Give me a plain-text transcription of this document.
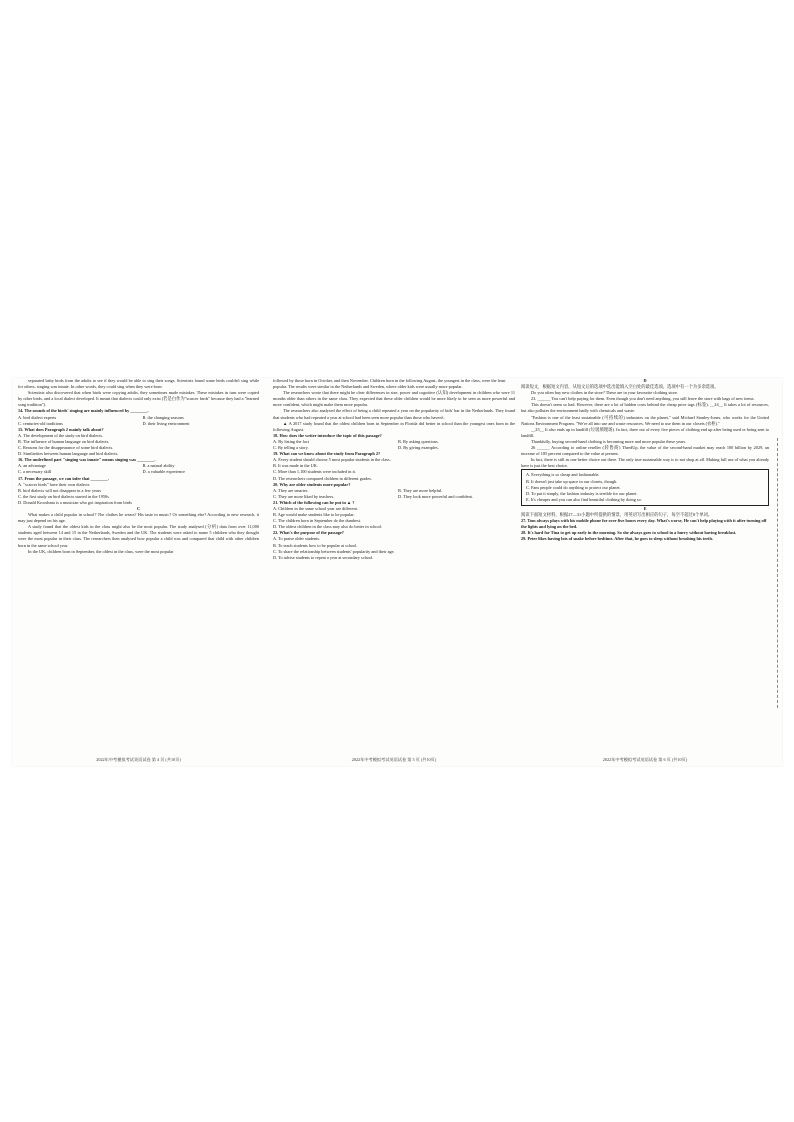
separated baby birds from the adults to see if they would be able to sing their songs. Scientists found some birds couldn't sing while for others, singing was innate. In other words, they could sing when they were born.

Scientists also discovered that when birds were copying adults, they sometimes made mistakes. These mistakes in turn were copied by other birds, and a local dialect developed. It meant that dialects could only exist (若是白作为"scarcer birds" because they had a "learned song tradition").

14. The sounds of the birds' singing are mainly influenced by ________.
A. bird dialect experts	B. the changing seasons
C. centuries-old traditions	D. their living environment
15. What does Paragraph 2 mainly talk about?
A. The development of the study on bird dialects.
B. The influence of human language on bird dialects.
C. Reasons for the disappearance of some bird dialects.
D. Similarities between human language and bird dialects.
16. The underlined part "singing was innate" means singing was ________.
A. an advantage	B. a natural ability
C. a necessary skill	D. a valuable experience
17. From the passage, we can infer that ________.
A. "scarcer birds" have their own dialects
B. bird dialects will not disappear in a few years
C. the first study on bird dialects started in the 1950s
D. Donald Kroodsma is a musician who got inspiration from birds
C

What makes a child popular in school? The clothes he wears? His taste in music? Or something else? According to new research, it may just depend on his age.

A study found that the oldest kids in the class might also be the most popular. The study analysed (分析) data from over 11,000 students aged between 14 and 15 in the Netherlands, Sweden and the UK. The students were asked to name 5 children who they thought were the most popular in their class. The researchers then analysed how popular a child was and compared that child with other children born in the same school year.

In the UK, children born in September, the oldest in the class, were the most popular

2022年中考模拟考试英语试卷 第 4 页 (共10页)

followed by those born in October, and then November. Children born in the following August, the youngest in the class, were the least popular. The results were similar in the Netherlands and Sweden, where older kids were usually more popular.

The researchers wrote that there might be clear differences in size, power and cognitive (认知) development in children who were 11 months older than others in the same class. They expected that these older children would be more likely to be seen as more powerful and more confident, which might make them more popular.

The researchers also analysed the effect of being a child repeated a year on the popularity of kids' bar in the Netherlands. They found that students who had repeated a year at school had been seen more popular than those who haven't.

▲ A 2017 study found that the oldest children born in September in Florida did better in school than the youngest ones born in the following August.

18. How does the writer introduce the topic of this passage?
A. By listing the fact	B. By asking questions.
C. By telling a story.	D. By giving examples.
19. What can we know about the study from Paragraph 2?
A. Every student should choose 5 most popular students in the class.
B. It was made in the UK.
C. More than 1,100 students were included in it.
D. The researchers compared children in different grades.
20. Why are older students more popular?
A. They are smarter.	B. They are more helpful.
C. They are more liked by teachers.	D. They look more powerful and confident.
21. Which of the following can be put in ▲ ?
A. Children in the same school year are different.
B. Age would make students like to be popular.
C. The children born in September do the dumbest.
D. The oldest children in the class may also do better in school.
22. What's the purpose of the passage?
A. To praise older students.
B. To teach students how to be popular at school.
C. To share the relationship between students' popularity and their age.
D. To advise students to repeat a year at secondary school.
2022年中考模拟考试英语试卷 第 5 页 (共10页)
D

阅读短文，根据短文内容，从短文后的选项中选出能填入空白处的最佳选项。选项中有一个为多余选项。

Do you often buy new clothes in the store? These are in your favourite clothing store.

23. ______ You can't help paying for them. Even though you don't need anything, you still leave the store with bags of new items.

This doesn't seem so bad. However, there are a lot of hidden costs behind the cheap price tags (标签). __24__ It takes a lot of resources, but also pollutes the environment badly with chemicals and waste.

"Fashion is one of the least sustainable (可持续的) industries on the planet," said Michael Stanley-Jones, who works for the United Nations Environment Program. "We're all into use and waste resources. We need to use them in our closets (衣柜)."

__25__ It also ends up in landfill (垃圾填埋场). In fact, three out of every five pieces of clothing end up after being used or being sent to landfill.

Thankfully, buying second-hand clothing is becoming more and more popular these years.

26 ______ According to online reseller (转售商) ThredUp, the value of the second-hand market may reach 100 billion by 2029, an increase of 185 percent compared to the value at present.

In fact, there is still as one better choice out there. The only true sustainable way is to not shop at all. Making full use of what you already have is just the best choice.

A. Everything is so cheap and fashionable.
B. It doesn't just take up space in our closets, though.
C. Fans people could do anything to protect our planet.
D. To put it simply, the fashion industry is terrible for our planet.
E. It's cheaper and you can also find beautiful clothing by doing so.
E

阅读下面短文材料，根据27—31小题中所提供的情景，用英语写出相应的句子，每空不超过8个单词。

27. Tom always plays with his mobile phone for over five hours every day. What's worse, He can't help playing with it after turning off the lights and lying on the bed.
28. It's hard for Tina to get up early in the morning. So she always goes to school in a hurry without having breakfast.
29. Peter likes having lots of snake before bedtime. After that, he goes to sleep without brushing his teeth.
2022年中考模拟考试英语试卷 第 6 页 (共10页)
